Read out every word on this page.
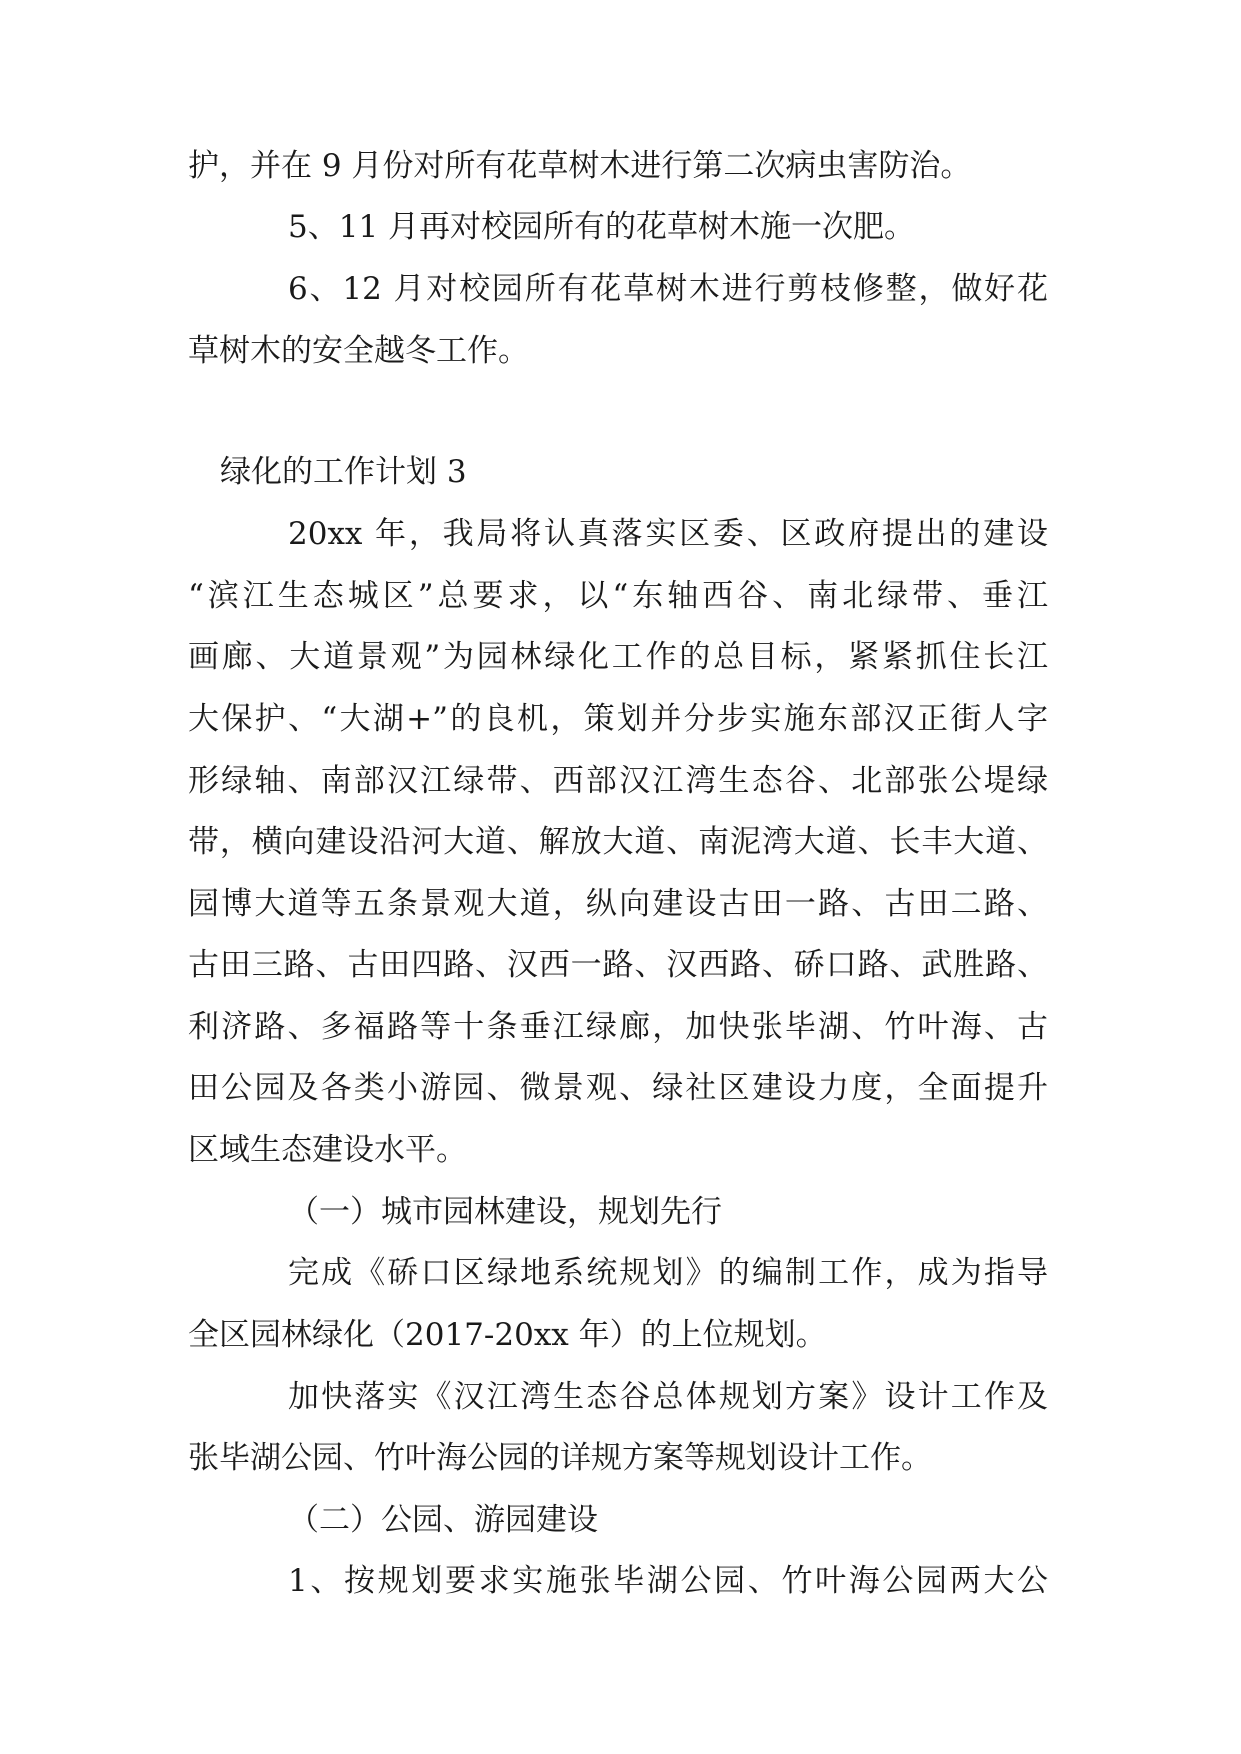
护，并在 9 月份对所有花草树木进行第二次病虫害防治。
5、11 月再对校园所有的花草树木施一次肥。
6、12 月对校园所有花草树木进行剪枝修整，做好花
草树木的安全越冬工作。
绿化的工作计划 3
20xx 年，我局将认真落实区委、区政府提出的建设
“滨江生态城区”总要求，以“东轴西谷、南北绿带、垂江
画廊、大道景观”为园林绿化工作的总目标，紧紧抓住长江
大保护、“大湖+”的良机，策划并分步实施东部汉正街人字
形绿轴、南部汉江绿带、西部汉江湾生态谷、北部张公堤绿
带，横向建设沿河大道、解放大道、南泥湾大道、长丰大道、
园博大道等五条景观大道，纵向建设古田一路、古田二路、
古田三路、古田四路、汉西一路、汉西路、硚口路、武胜路、
利济路、多福路等十条垂江绿廊，加快张毕湖、竹叶海、古
田公园及各类小游园、微景观、绿社区建设力度，全面提升
区域生态建设水平。
（一）城市园林建设，规划先行
完成《硚口区绿地系统规划》的编制工作，成为指导
全区园林绿化（2017-20xx 年）的上位规划。
加快落实《汉江湾生态谷总体规划方案》设计工作及
张毕湖公园、竹叶海公园的详规方案等规划设计工作。
（二）公园、游园建设
1、按规划要求实施张毕湖公园、竹叶海公园两大公
